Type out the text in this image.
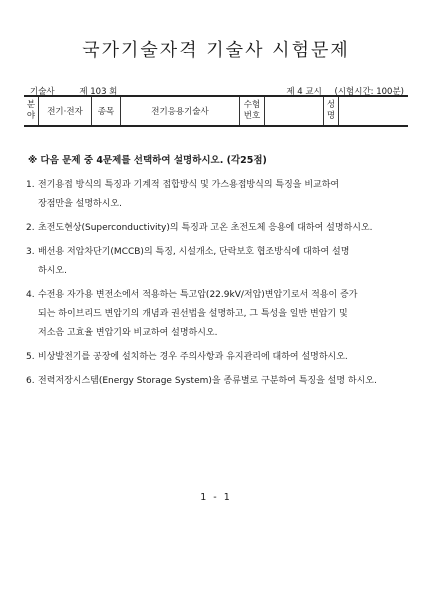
국가기술자격 기술사 시험문제
기술사	제 103 회	제 4 교시 (시험시간: 100분)
분야	전기·전자	종목	전기응용기술사	수험번호		성명	
※ 다음 문제 중 4문제를 선택하여 설명하시오. (각25점)
1. 전기용접 방식의 특징과 기계적 접합방식 및 가스용접방식의 특징을 비교하여
장점만을 설명하시오.
2. 초전도현상(Superconductivity)의 특징과 고온 초전도체 응용에 대하여 설명하시오.
3. 배선용 저압차단기(MCCB)의 특징, 시설개소, 단락보호 협조방식에 대하여 설명
하시오.
4. 수전용 자가용 변전소에서 적용하는 특고압(22.9kV/저압)변압기로서 적용이 증가
되는 하이브리드 변압기의 개념과 권선법을 설명하고, 그 특성을 일반 변압기 및
저소음 고효율 변압기와 비교하여 설명하시오.
5. 비상발전기를 공장에 설치하는 경우 주의사항과 유지관리에 대하여 설명하시오.
6. 전력저장시스템(Energy Storage System)을 종류별로 구분하여 특징을 설명 하시오.
1 - 1
